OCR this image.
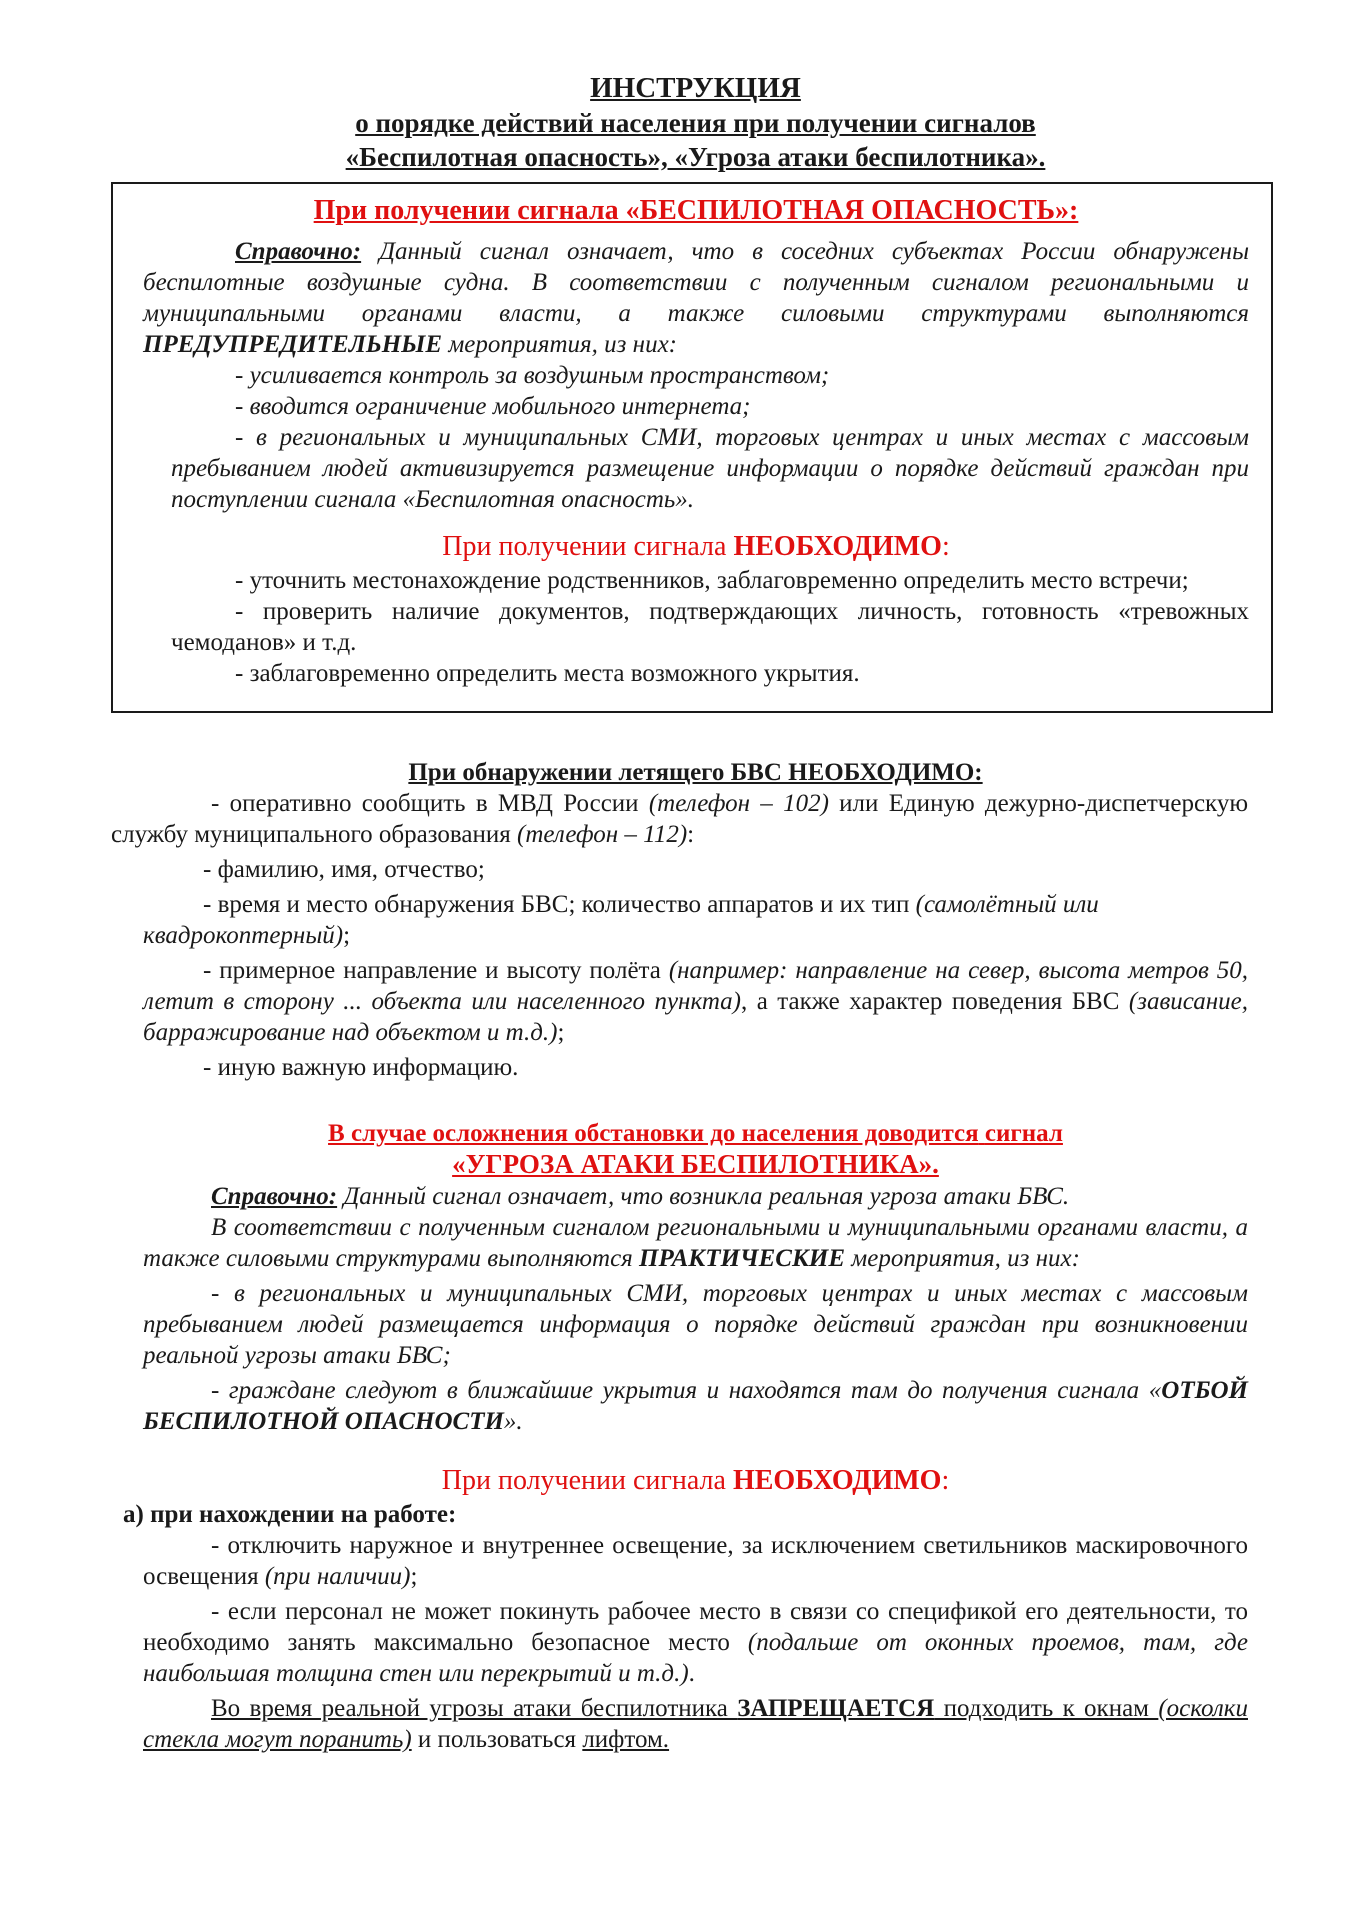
ИНСТРУКЦИЯ
о порядке действий населения при получении сигналов
«Беспилотная опасность», «Угроза атаки беспилотника».
При получении сигнала «БЕСПИЛОТНАЯ ОПАСНОСТЬ»:

Справочно: Данный сигнал означает, что в соседних субъектах России обнаружены беспилотные воздушные судна. В соответствии с полученным сигналом региональными и муниципальными органами власти, а также силовыми структурами выполняются ПРЕДУПРЕДИТЕЛЬНЫЕ мероприятия, из них:

- усиливается контроль за воздушным пространством;

- вводится ограничение мобильного интернета;

- в региональных и муниципальных СМИ, торговых центрах и иных местах с массовым пребыванием людей активизируется размещение информации о порядке действий граждан при поступлении сигнала «Беспилотная опасность».

При получении сигнала НЕОБХОДИМО:

- уточнить местонахождение родственников, заблаговременно определить место встречи;

- проверить наличие документов, подтверждающих личность, готовность «тревожных чемоданов» и т.д.

- заблаговременно определить места возможного укрытия.

При обнаружении летящего БВС НЕОБХОДИМО:

- оперативно сообщить в МВД России (телефон – 102) или Единую дежурно-диспетчерскую службу муниципального образования (телефон – 112):

- фамилию, имя, отчество;

- время и место обнаружения БВС; количество аппаратов и их тип (самолётный или квадрокоптерный);

- примерное направление и высоту полёта (например: направление на север, высота метров 50, летит в сторону ... объекта или населенного пункта), а также характер поведения БВС (зависание, барражирование над объектом и т.д.);

- иную важную информацию.

В случае осложнения обстановки до населения доводится сигнал
«УГРОЗА АТАКИ БЕСПИЛОТНИКА».

Справочно: Данный сигнал означает, что возникла реальная угроза атаки БВС.

В соответствии с полученным сигналом региональными и муниципальными органами власти, а также силовыми структурами выполняются ПРАКТИЧЕСКИЕ мероприятия, из них:

- в региональных и муниципальных СМИ, торговых центрах и иных местах с массовым пребыванием людей размещается информация о порядке действий граждан при возникновении реальной угрозы атаки БВС;

- граждане следуют в ближайшие укрытия и находятся там до получения сигнала «ОТБОЙ БЕСПИЛОТНОЙ ОПАСНОСТИ».

При получении сигнала НЕОБХОДИМО:
а) при нахождении на работе:

- отключить наружное и внутреннее освещение, за исключением светильников маскировочного освещения (при наличии);

- если персонал не может покинуть рабочее место в связи со спецификой его деятельности, то необходимо занять максимально безопасное место (подальше от оконных проемов, там, где наибольшая толщина стен или перекрытий и т.д.).

Во время реальной угрозы атаки беспилотника ЗАПРЕЩАЕТСЯ подходить к окнам (осколки стекла могут поранить) и пользоваться лифтом.
